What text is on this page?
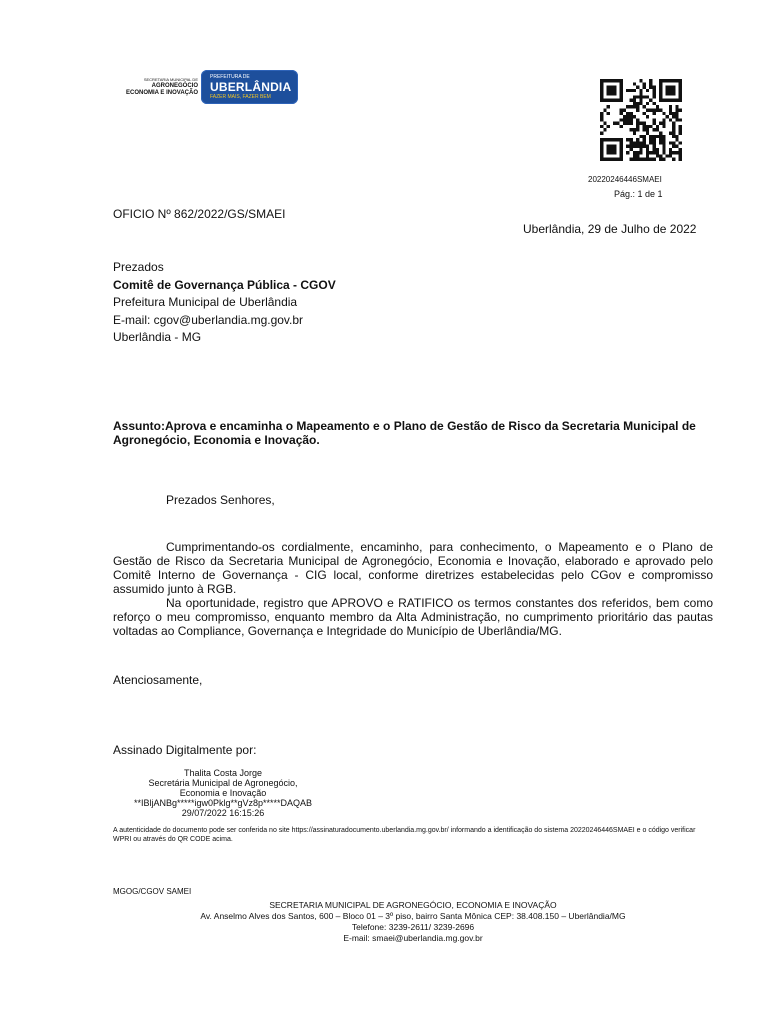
SECRETARIA MUNICIPAL DE
AGRONEGÓCIO
ECONOMIA E INOVAÇÃO
PREFEITURA DE
UBERLÂNDIA
FAZER MAIS, FAZER BEM
20220246446SMAEI
Pág.: 1 de 1
OFICIO Nº 862/2022/GS/SMAEI
Uberlândia, 29 de Julho de 2022
Prezados
Comitê de Governança Pública - CGOV
Prefeitura Municipal de Uberlândia
E-mail: cgov@uberlandia.mg.gov.br
Uberlândia - MG
Assunto:Aprova e encaminha o Mapeamento e o Plano de Gestão de Risco da Secretaria Municipal de Agronegócio, Economia e Inovação.
Prezados Senhores,

Cumprimentando-os cordialmente, encaminho, para conhecimento, o Mapeamento e o Plano de Gestão de Risco da Secretaria Municipal de Agronegócio, Economia e Inovação, elaborado e aprovado pelo Comitê Interno de Governança - CIG local, conforme diretrizes estabelecidas pelo CGov e compromisso assumido junto à RGB.

Na oportunidade, registro que APROVO e RATIFICO os termos constantes dos referidos, bem como reforço o meu compromisso, enquanto membro da Alta Administração, no cumprimento prioritário das pautas voltadas ao Compliance, Governança e Integridade do Município de Uberlândia/MG.

Atenciosamente,
Assinado Digitalmente por:
Thalita Costa Jorge
Secretária Municipal de Agronegócio,
Economia e Inovação
**IBljANBg*****igw0Pklg**gVz8p*****DAQAB
29/07/2022 16:15:26
A autenticidade do documento pode ser conferida no site https://assinaturadocumento.uberlandia.mg.gov.br/ informando a identificação do sistema 20220246446SMAEI e o código verificar WPRI ou através do QR CODE acima.
MGOG/CGOV SAMEI
SECRETARIA MUNICIPAL DE AGRONEGÓCIO, ECONOMIA E INOVAÇÃO
Av. Anselmo Alves dos Santos, 600 – Bloco 01 – 3º piso, bairro Santa Mônica CEP: 38.408.150 – Uberlândia/MG
Telefone: 3239-2611/ 3239-2696
E-mail: smaei@uberlandia.mg.gov.br
